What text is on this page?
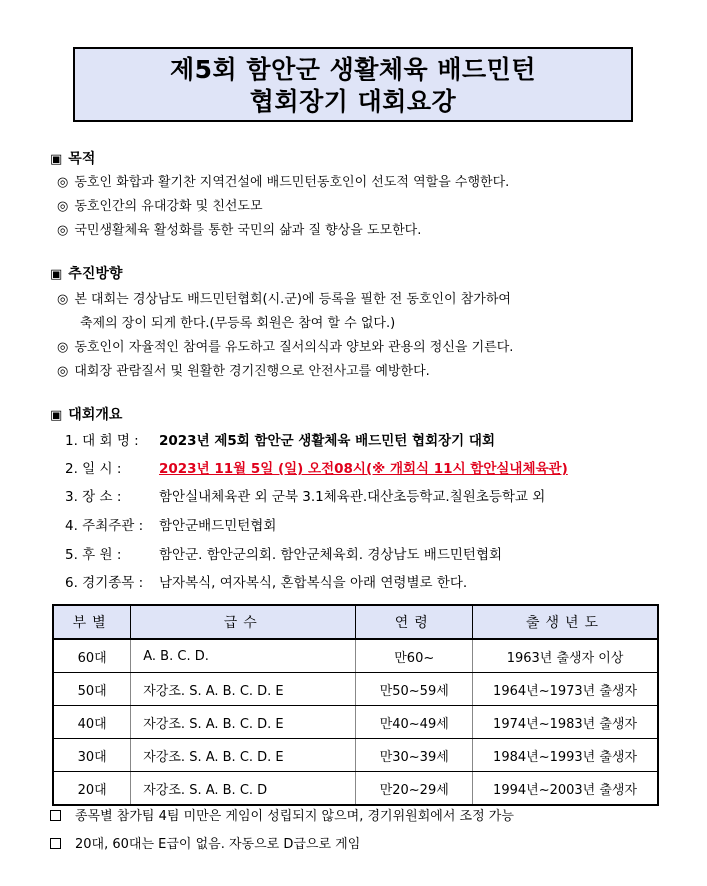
제5회 함안군 생활체육 배드민턴
협회장기 대회요강
▣ 목적
◎ 동호인 화합과 활기찬 지역건설에 배드민턴동호인이 선도적 역할을 수행한다.
◎ 동호인간의 유대강화 및 친선도모
◎ 국민생활체육 활성화를 통한 국민의 삶과 질 향상을 도모한다.
▣ 추진방향
◎ 본 대회는 경상남도 배드민턴협회(시.군)에 등록을 필한 전 동호인이 참가하여
축제의 장이 되게 한다.(무등록 회원은 참여 할 수 없다.)
◎ 동호인이 자율적인 참여를 유도하고 질서의식과 양보와 관용의 정신을 기른다.
◎ 대회장 관람질서 및 원활한 경기진행으로 안전사고를 예방한다.
▣ 대회개요
1. 대 회 명 : 2023년 제5회 함안군 생활체육 배드민턴 협회장기 대회
2. 일 시 :	2023년 11월 5일 (일) 오전08시(※ 개회식 11시 함안실내체육관)
3. 장 소 :	함안실내체육관 외 군북 3.1체육관.대산초등학교.칠원초등학교 외
4. 주최주관 : 함안군배드민턴협회
5. 후 원 :	함안군. 함안군의회. 함안군체육회. 경상남도 배드민턴협회
6. 경기종목 : 남자복식, 여자복식, 혼합복식을 아래 연령별로 한다.
부별	급수	연령	출생년도
60대	A. B. C. D.	만60~	1963년 출생자 이상
50대	자강조. S. A. B. C. D. E	만50~59세	1964년~1973년 출생자
40대	자강조. S. A. B. C. D. E	만40~49세	1974년~1983년 출생자
30대	자강조. S. A. B. C. D. E	만30~39세	1984년~1993년 출생자
20대	자강조. S. A. B. C. D	만20~29세	1994년~2003년 출생자
종목별 참가팀 4팀 미만은 게임이 성립되지 않으며, 경기위원회에서 조정 가능
20대, 60대는 E급이 없음. 자동으로 D급으로 게임
